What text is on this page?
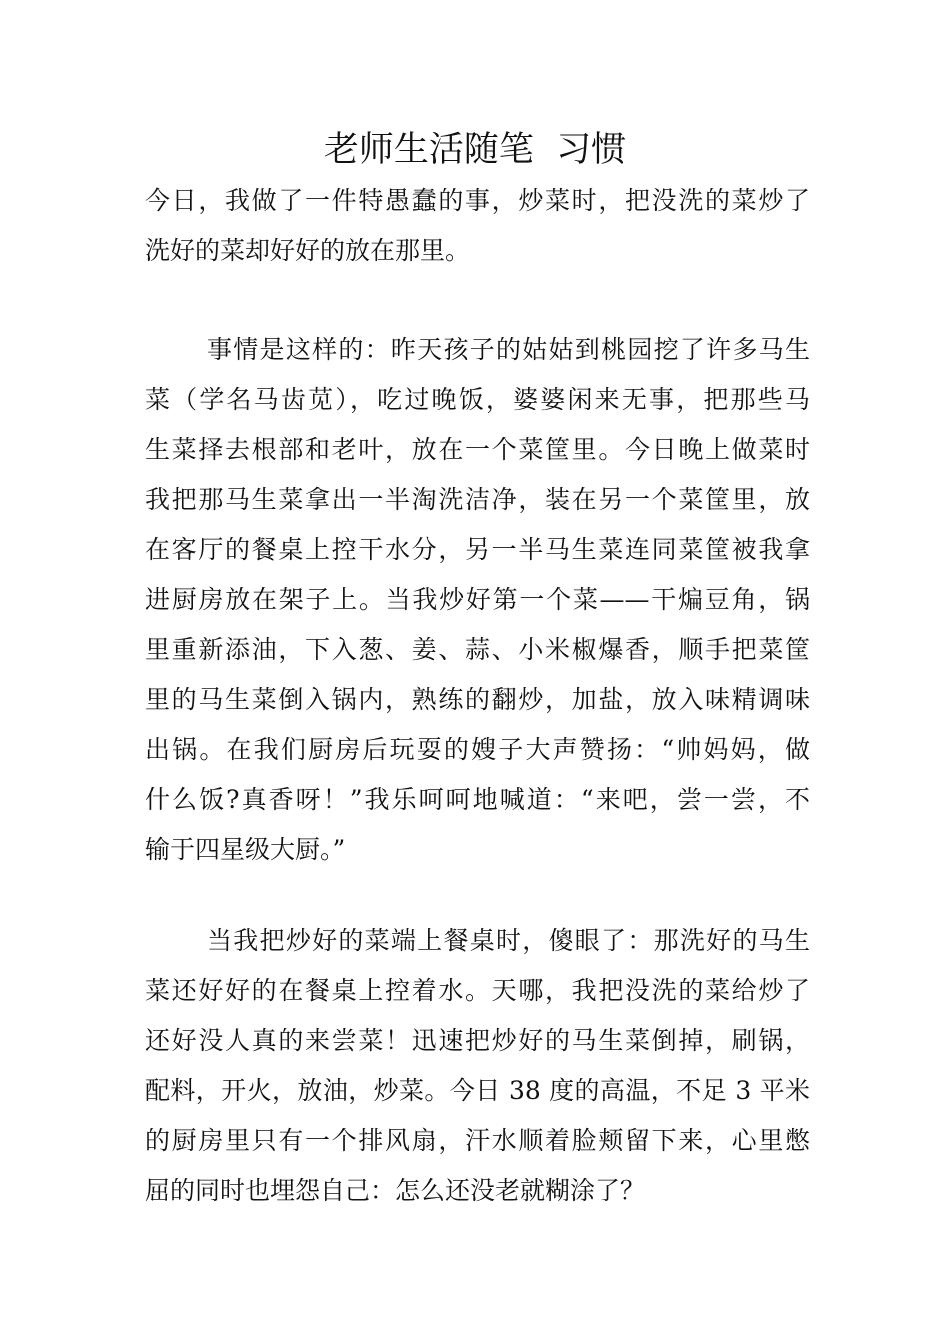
老师生活随笔  习惯
今日，我做了一件特愚蠢的事，炒菜时，把没洗的菜炒了
洗好的菜却好好的放在那里。
事情是这样的：昨天孩子的姑姑到桃园挖了许多马生
菜（学名马齿苋），吃过晚饭，婆婆闲来无事，把那些马
生菜择去根部和老叶，放在一个菜筐里。今日晚上做菜时
我把那马生菜拿出一半淘洗洁净，装在另一个菜筐里，放
在客厅的餐桌上控干水分，另一半马生菜连同菜筐被我拿
进厨房放在架子上。当我炒好第一个菜——干煸豆角，锅
里重新添油，下入葱、姜、蒜、小米椒爆香，顺手把菜筐
里的马生菜倒入锅内，熟练的翻炒，加盐，放入味精调味
出锅。在我们厨房后玩耍的嫂子大声赞扬：“帅妈妈，做
什么饭?真香呀！”我乐呵呵地喊道：“来吧，尝一尝，不
输于四星级大厨。”
当我把炒好的菜端上餐桌时，傻眼了：那洗好的马生
菜还好好的在餐桌上控着水。天哪，我把没洗的菜给炒了
还好没人真的来尝菜！迅速把炒好的马生菜倒掉，刷锅，
配料，开火，放油，炒菜。今日 38 度的高温，不足 3 平米
的厨房里只有一个排风扇，汗水顺着脸颊留下来，心里憋
屈的同时也埋怨自己：怎么还没老就糊涂了？
